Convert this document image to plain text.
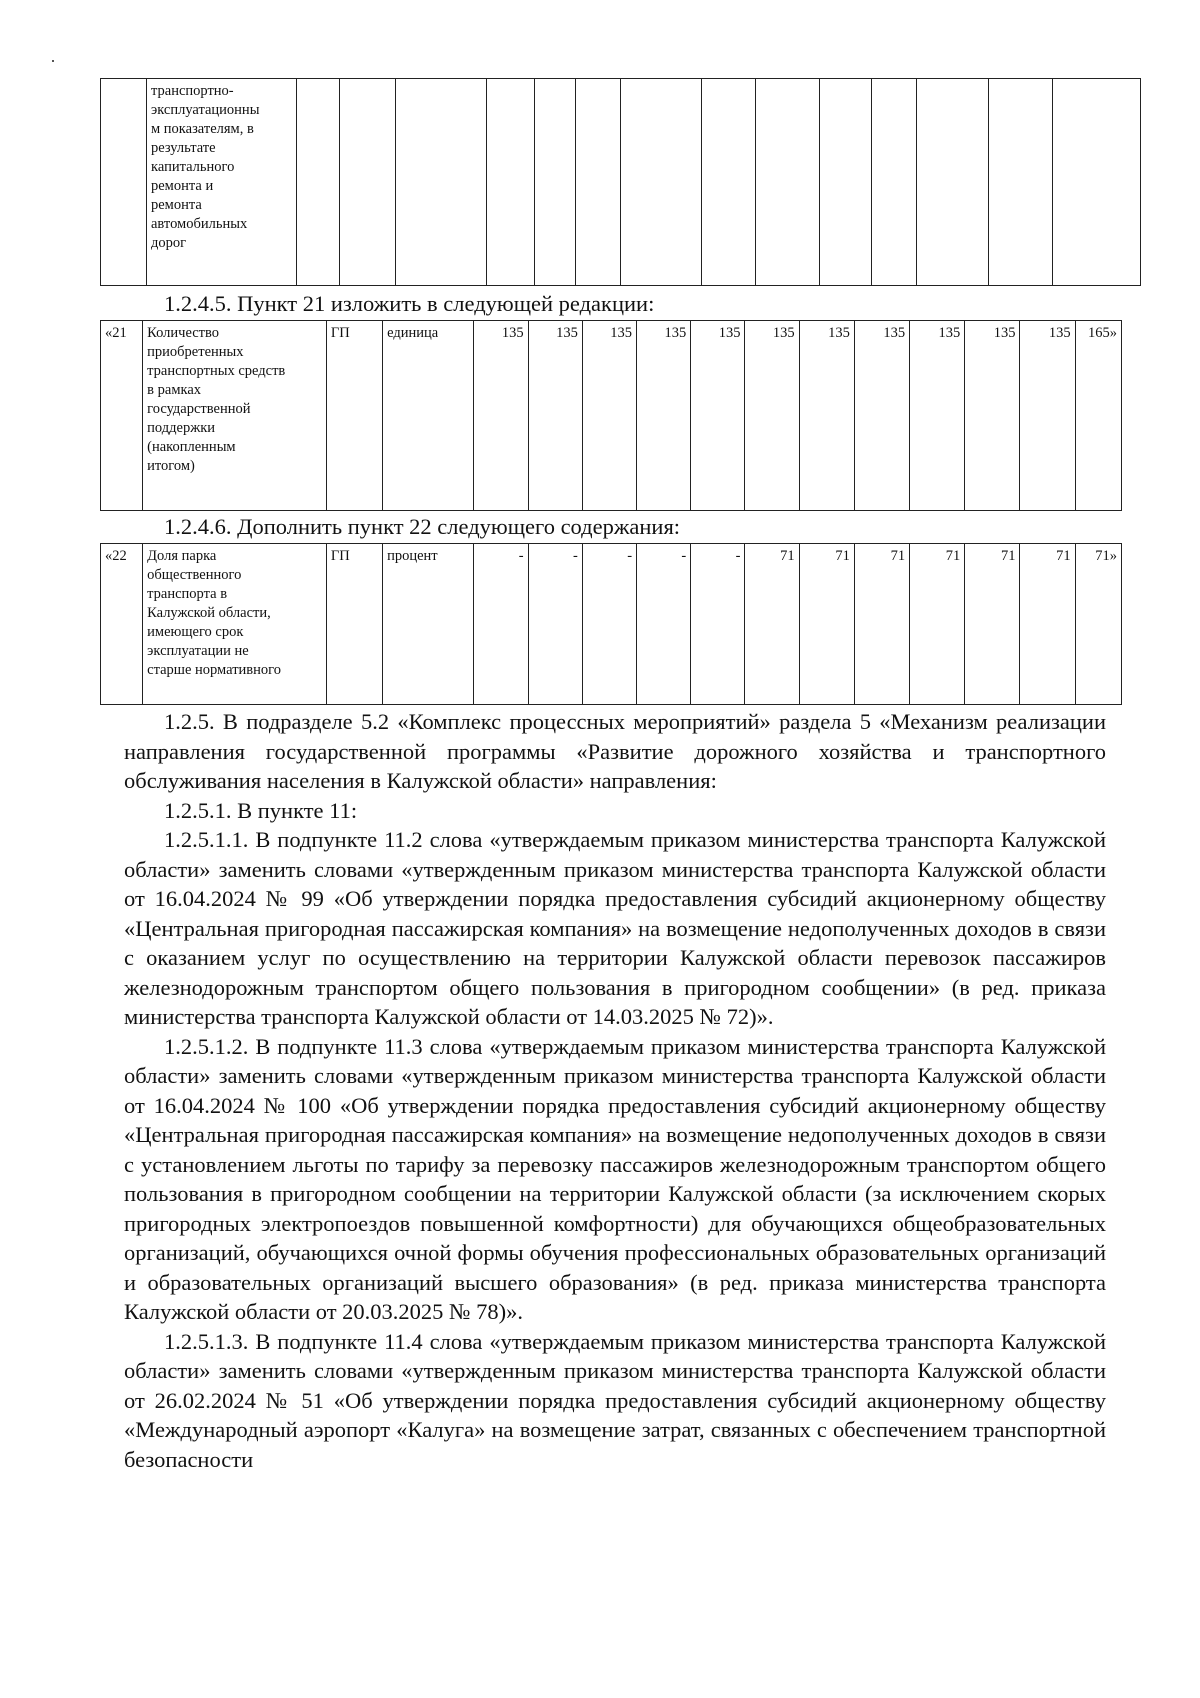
	транспортно-
эксплуатационны
м показателям, в
результате
капитального
ремонта и
ремонта
автомобильных
дорог														
1.2.4.5. Пункт 21 изложить в следующей редакции:
«21	Количество
приобретенных
транспортных средств
в рамках
государственной
поддержки
(накопленным
итогом)	ГП	единица	135	135	135	135	135	135	135	135	135	135	135	165»
1.2.4.6. Дополнить пункт 22 следующего содержания:
«22	Доля парка
общественного
транспорта в
Калужской области,
имеющего срок
эксплуатации не
старше нормативного	ГП	процент	-	-	-	-	-	71	71	71	71	71	71	71»

1.2.5. В подразделе 5.2 «Комплекс процессных мероприятий» раздела 5 «Механизм реализации направления государственной программы «Развитие дорожного хозяйства и транспортного обслуживания населения в Калужской области» направления:

1.2.5.1. В пункте 11:

1.2.5.1.1. В подпункте 11.2 слова «утверждаемым приказом министерства транспорта Калужской области» заменить словами «утвержденным приказом министерства транспорта Калужской области от 16.04.2024 № 99 «Об утверждении порядка предоставления субсидий акционерному обществу «Центральная пригородная пассажирская компания» на возмещение недополученных доходов в связи с оказанием услуг по осуществлению на территории Калужской области перевозок пассажиров железнодорожным транспортом общего пользования в пригородном сообщении» (в ред. приказа министерства транспорта Калужской области от 14.03.2025 № 72)».

1.2.5.1.2. В подпункте 11.3 слова «утверждаемым приказом министерства транспорта Калужской области» заменить словами «утвержденным приказом министерства транспорта Калужской области от 16.04.2024 № 100 «Об утверждении порядка предоставления субсидий акционерному обществу «Центральная пригородная пассажирская компания» на возмещение недополученных доходов в связи с установлением льготы по тарифу за перевозку пассажиров железнодорожным транспортом общего пользования в пригородном сообщении на территории Калужской области (за исключением скорых пригородных электропоездов повышенной комфортности) для обучающихся общеобразовательных организаций, обучающихся очной формы обучения профессиональных образовательных организаций и образовательных организаций высшего образования» (в ред. приказа министерства транспорта Калужской области от 20.03.2025 № 78)».

1.2.5.1.3. В подпункте 11.4 слова «утверждаемым приказом министерства транспорта Калужской области» заменить словами «утвержденным приказом министерства транспорта Калужской области от 26.02.2024 № 51 «Об утверждении порядка предоставления субсидий акционерному обществу «Международный аэропорт «Калуга» на возмещение затрат, связанных с обеспечением транспортной безопасности
